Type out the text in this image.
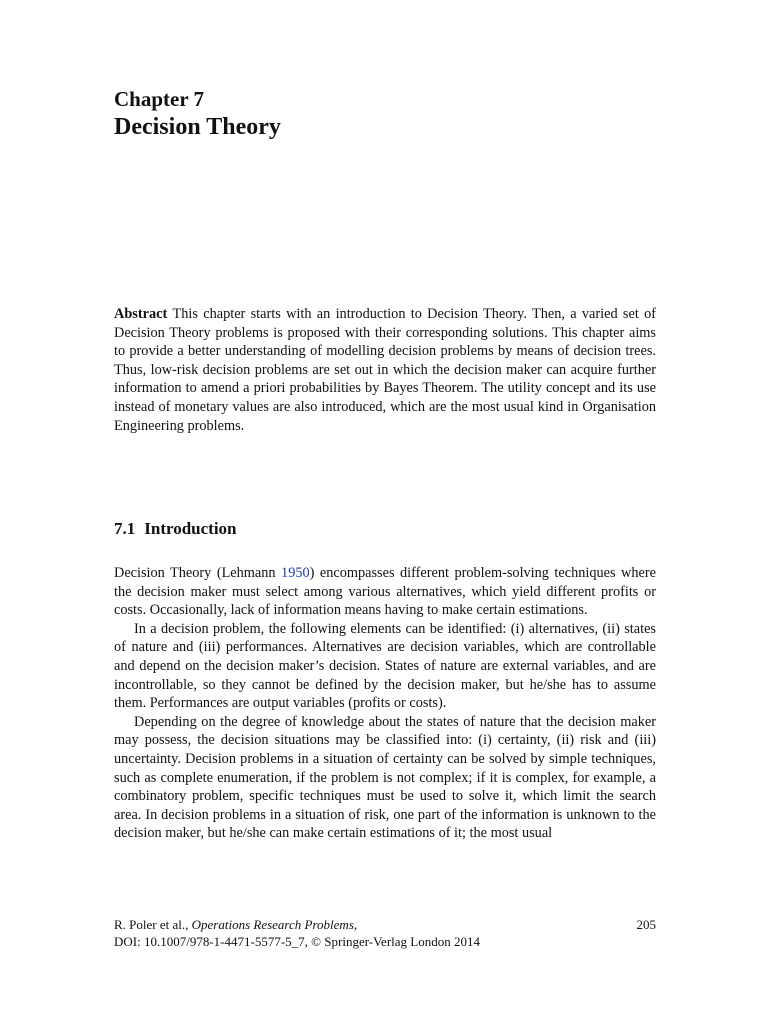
Chapter 7
Decision Theory
Abstract This chapter starts with an introduction to Decision Theory. Then, a varied set of Decision Theory problems is proposed with their corresponding solutions. This chapter aims to provide a better understanding of modelling decision problems by means of decision trees. Thus, low-risk decision problems are set out in which the decision maker can acquire further information to amend a priori probabilities by Bayes Theorem. The utility concept and its use instead of monetary values are also introduced, which are the most usual kind in Organisation Engineering problems.
7.1 Introduction

Decision Theory (Lehmann 1950) encompasses different problem-solving techniques where the decision maker must select among various alternatives, which yield different profits or costs. Occasionally, lack of information means having to make certain estimations.

In a decision problem, the following elements can be identified: (i) alternatives, (ii) states of nature and (iii) performances. Alternatives are decision variables, which are controllable and depend on the decision maker’s decision. States of nature are external variables, and are incontrollable, so they cannot be defined by the decision maker, but he/she has to assume them. Performances are output variables (profits or costs).

Depending on the degree of knowledge about the states of nature that the decision maker may possess, the decision situations may be classified into: (i) certainty, (ii) risk and (iii) uncertainty. Decision problems in a situation of certainty can be solved by simple techniques, such as complete enumeration, if the problem is not complex; if it is complex, for example, a combinatory problem, specific techniques must be used to solve it, which limit the search area. In decision problems in a situation of risk, one part of the information is unknown to the decision maker, but he/she can make certain estimations of it; the most usual

R. Poler et al., Operations Research Problems,	205
DOI: 10.1007/978-1-4471-5577-5_7, © Springer-Verlag London 2014
